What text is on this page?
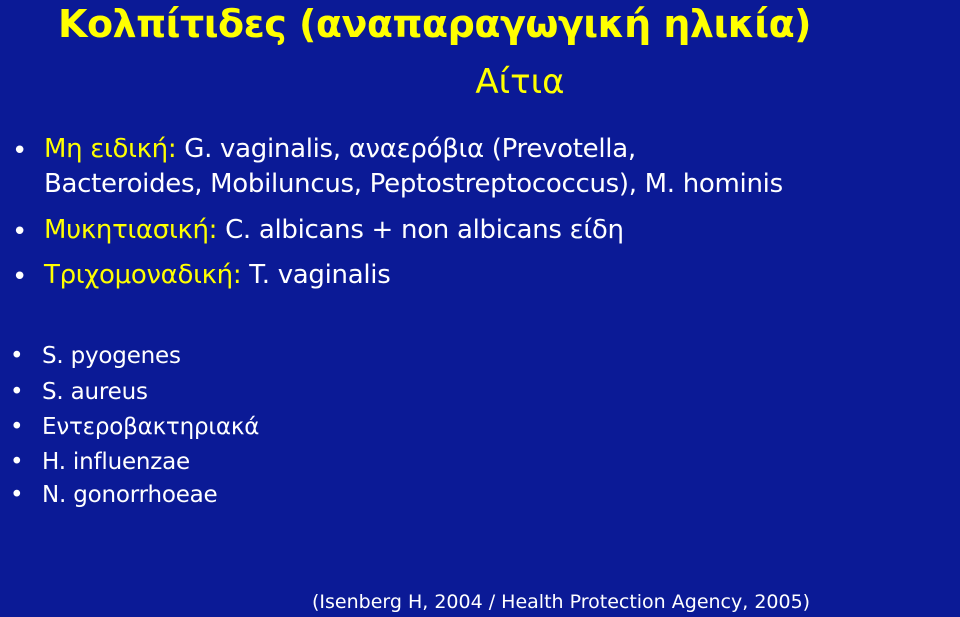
Κολπίτιδες (αναπαραγωγική ηλικία)
Αίτια
• Μη ειδική: G. vaginalis, αναερόβια (Prevotella,
Bacteroides, Mobiluncus, Peptostreptococcus), M. hominis
• Μυκητιασική: C. albicans + non albicans είδη
• Τριχομοναδική: T. vaginalis
• S. pyogenes
• S. aureus
• Εντεροβακτηριακά
• H. influenzae
• N. gonorrhoeae
(Isenberg H, 2004 / Health Protection Agency, 2005)
